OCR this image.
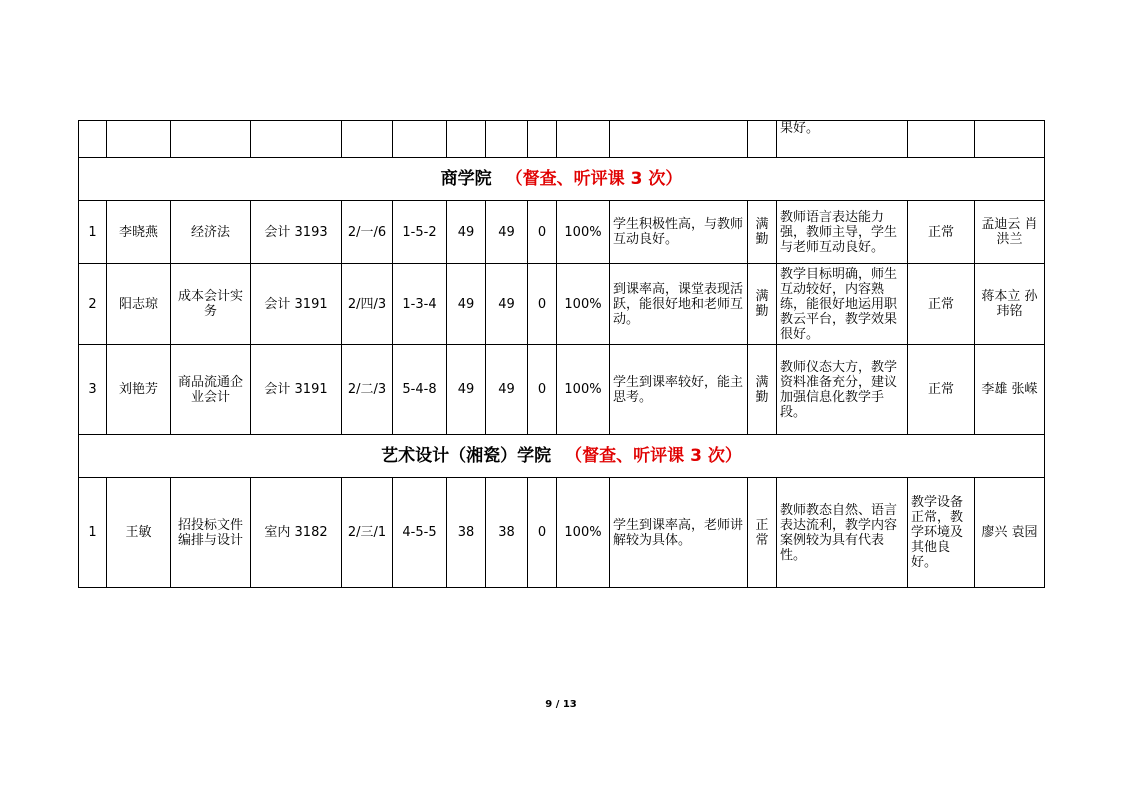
												果好。		
商学院 （督查、听评课 3 次）														
1	李晓燕	经济法	会计 3193	2/一/6	1-5-2	49	49	0	100%	学生积极性高，与教师互动良好。	满勤	教师语言表达能力强，教师主导，学生与老师互动良好。	正常	孟迪云 肖洪兰
2	阳志琼	成本会计实务	会计 3191	2/四/3	1-3-4	49	49	0	100%	到课率高，课堂表现活跃，能很好地和老师互动。	满勤	教学目标明确，师生互动较好，内容熟练，能很好地运用职教云平台，教学效果很好。	正常	蒋本立 孙玮铭
3	刘艳芳	商品流通企业会计	会计 3191	2/二/3	5-4-8	49	49	0	100%	学生到课率较好，能主思考。	满勤	教师仪态大方，教学资料准备充分，建议加强信息化教学手段。	正常	李雄 张嵘
艺术设计（湘瓷）学院 （督查、听评课 3 次）														
1	王敏	招投标文件编排与设计	室内 3182	2/三/1	4-5-5	38	38	0	100%	学生到课率高，老师讲解较为具体。	正常	教师教态自然、语言表达流利，教学内容案例较为具有代表性。	教学设备正常，教学环境及其他良好。	廖兴 袁园
9 / 13
